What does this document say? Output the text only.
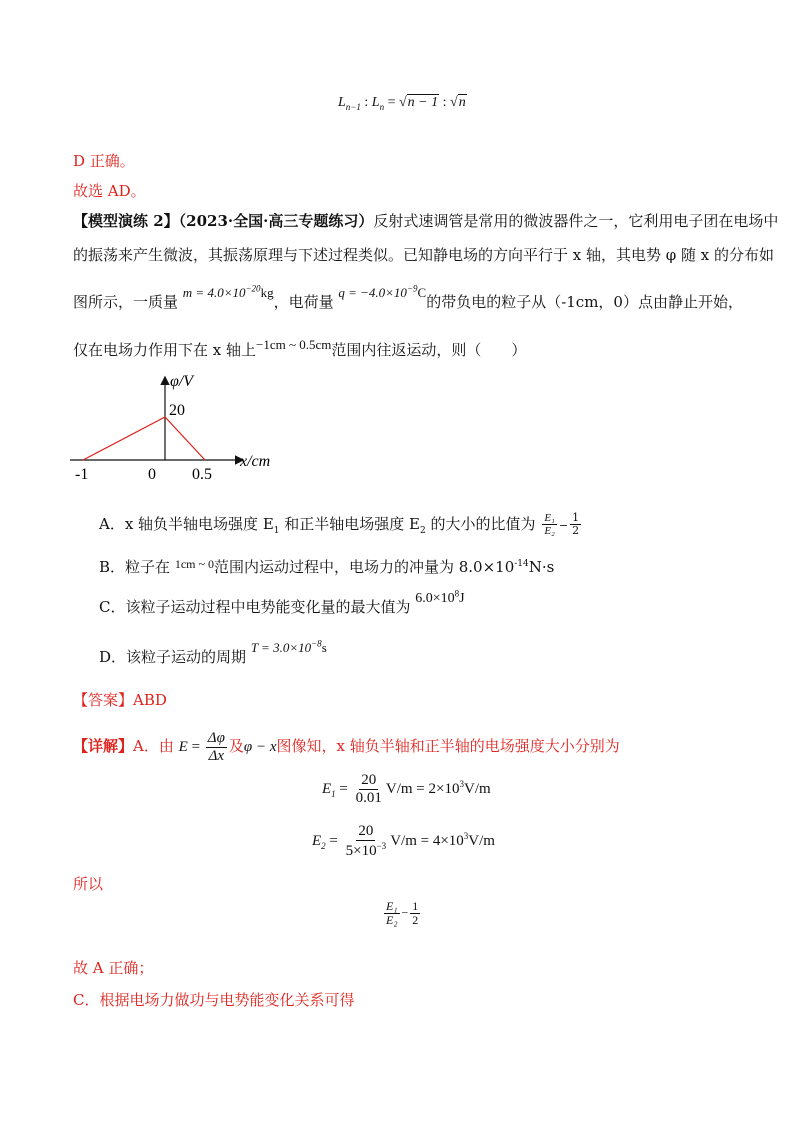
$L_{n-1}$ : $L_n = √n - 1$ : √n
D 正确。
故选 AD。
【模型演练 2】（2023·全国·高三专题练习）反射式速调管是常用的微波器件之一，它利用电子团在电场中
的振荡来产生微波，其振荡原理与下述过程类似。已知静电场的方向平行于 x 轴，其电势 φ 随 x 的分布如
图所示，一质量 $m = 4.0\times 10^{-20}kg$，电荷量 $q = -4.0\times 10^{-9}C$的带负电的粒子从（-1cm，0）点由静止开始，
仅在电场力作用下在 x 轴上−1cm ~ 0.5cm范围内往返运动，则（　　）
φ/V
20
x/cm
-1	0 0.5
A．x 轴负半轴电场强度 $E_1$ 和正半轴电场强度 $E_2$ 的大小的比值为 $\frac{\text{E₁}}{\text{E₂}} - \frac{1}{2}$
B．粒子在 $^{1cm \sim 0}$范围内运动过程中，电场力的冲量为 $8.0\times 10^{-14}N\cdot s$
C．该粒子运动过程中电势能变化量的最大值为 $6.0\times 10^8J$
D．该粒子运动的周期 $T = 3.0\times 10^{-8}s$
【答案】ABD
【详解】A．由 $E = \frac{\Delta\varphi}{\Delta x}$ 及φ − x图像知，x 轴负半轴和正半轴的电场强度大小分别为
$E_1 = \frac{20}{0.01} V/m = 2\times 10^3V/m$
$E_2 = \frac{20}{5\times 10^{-3}} V/m = 4\times 10^3V/m$
所以
$\frac{\text{E₁}}{\text{E₂}} - \frac{1}{2}$
故 A 正确；
C．根据电场力做功与电势能变化关系可得
